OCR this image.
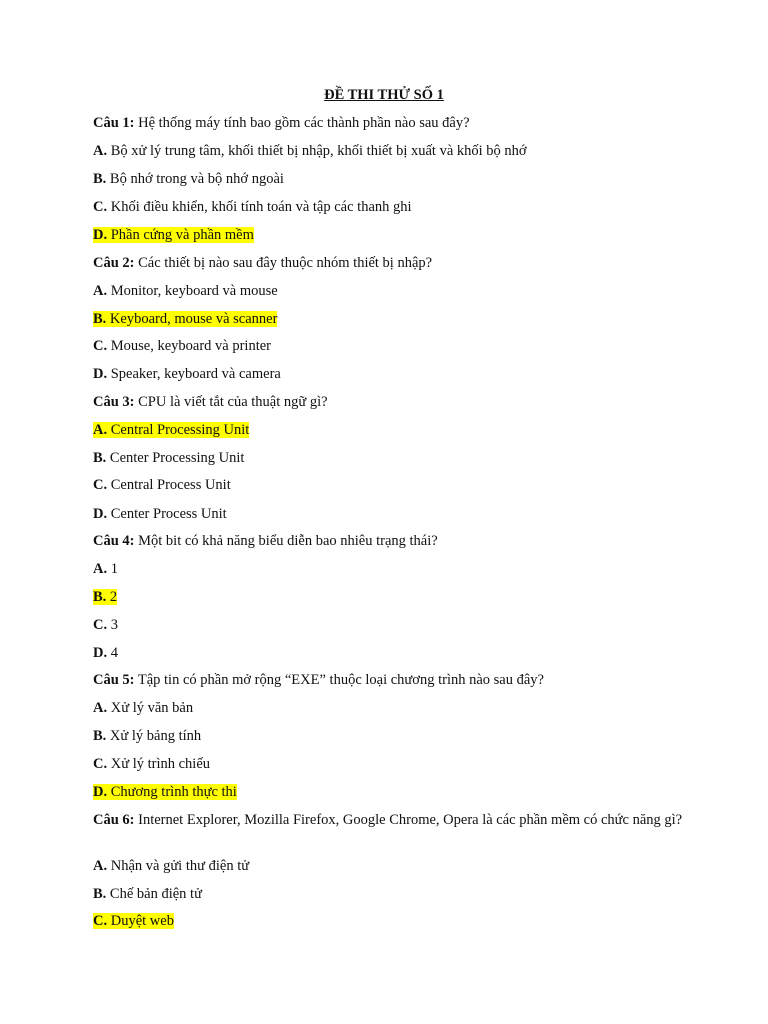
ĐỀ THI THỬ SỐ 1
Câu 1: Hệ thống máy tính bao gồm các thành phần nào sau đây?
A. Bộ xử lý trung tâm, khối thiết bị nhập, khối thiết bị xuất và khối bộ nhớ
B. Bộ nhớ trong và bộ nhớ ngoài
C. Khối điều khiển, khối tính toán và tập các thanh ghi
D. Phần cứng và phần mềm
Câu 2: Các thiết bị nào sau đây thuộc nhóm thiết bị nhập?
A. Monitor, keyboard và mouse
B. Keyboard, mouse và scanner
C. Mouse, keyboard và printer
D. Speaker, keyboard và camera
Câu 3: CPU là viết tắt của thuật ngữ gì?
A. Central Processing Unit
B. Center Processing Unit
C. Central Process Unit
D. Center Process Unit
Câu 4: Một bit có khả năng biểu diễn bao nhiêu trạng thái?
A. 1
B. 2
C. 3
D. 4
Câu 5: Tập tin có phần mở rộng “EXE” thuộc loại chương trình nào sau đây?
A. Xử lý văn bản
B. Xử lý bảng tính
C. Xử lý trình chiếu
D. Chương trình thực thi
Câu 6: Internet Explorer, Mozilla Firefox, Google Chrome, Opera là các phần mềm có chức năng gì?
A. Nhận và gửi thư điện tử
B. Chế bản điện tử
C. Duyệt web
